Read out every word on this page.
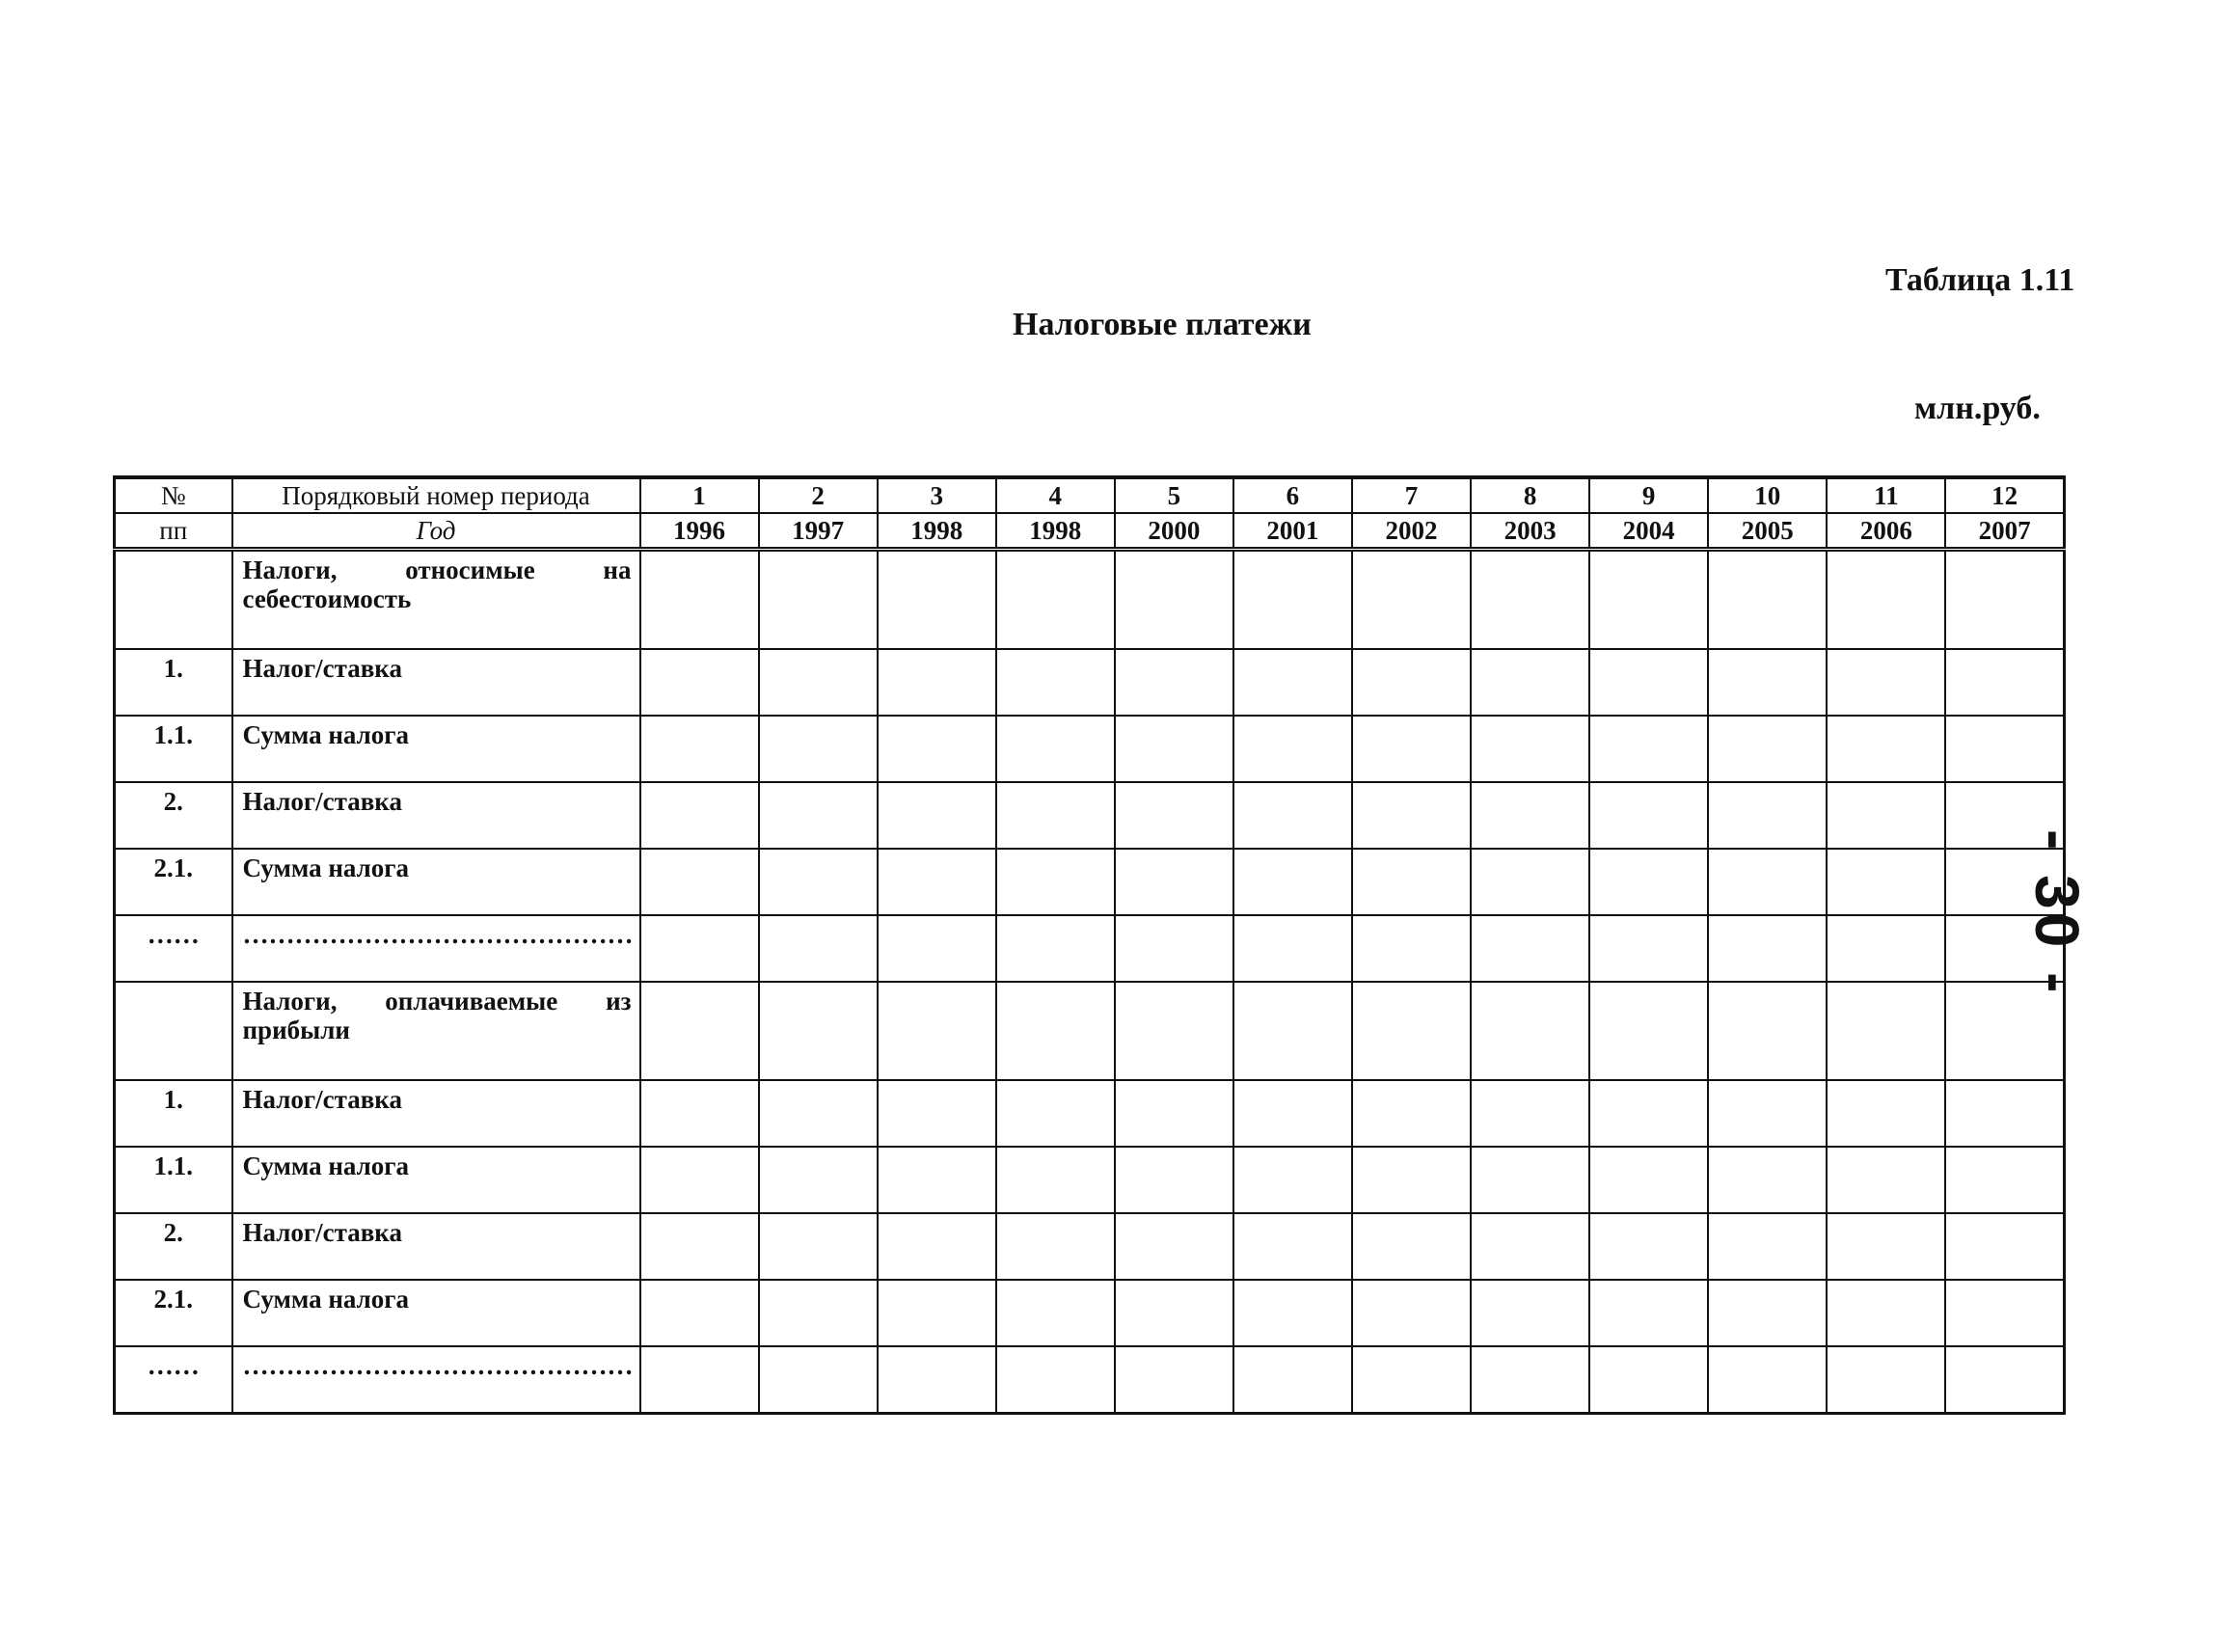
Таблица 1.11
Налоговые платежи
млн.руб.
- 30 -
№	Порядковый номер периода	1	2	3	4	5	6	7	8	9	10	11	12
пп	Год	1996	1997	1998	1998	2000	2001	2002	2003	2004	2005	2006	2007
	Налоги, относимые на себестоимость												
1.	Налог/ставка												
1.1.	Сумма налога												
2.	Налог/ставка												
2.1.	Сумма налога												
……	………………………………………												
	Налоги, оплачиваемые из прибыли												
1.	Налог/ставка												
1.1.	Сумма налога												
2.	Налог/ставка												
2.1.	Сумма налога												
……	………………………………………												
